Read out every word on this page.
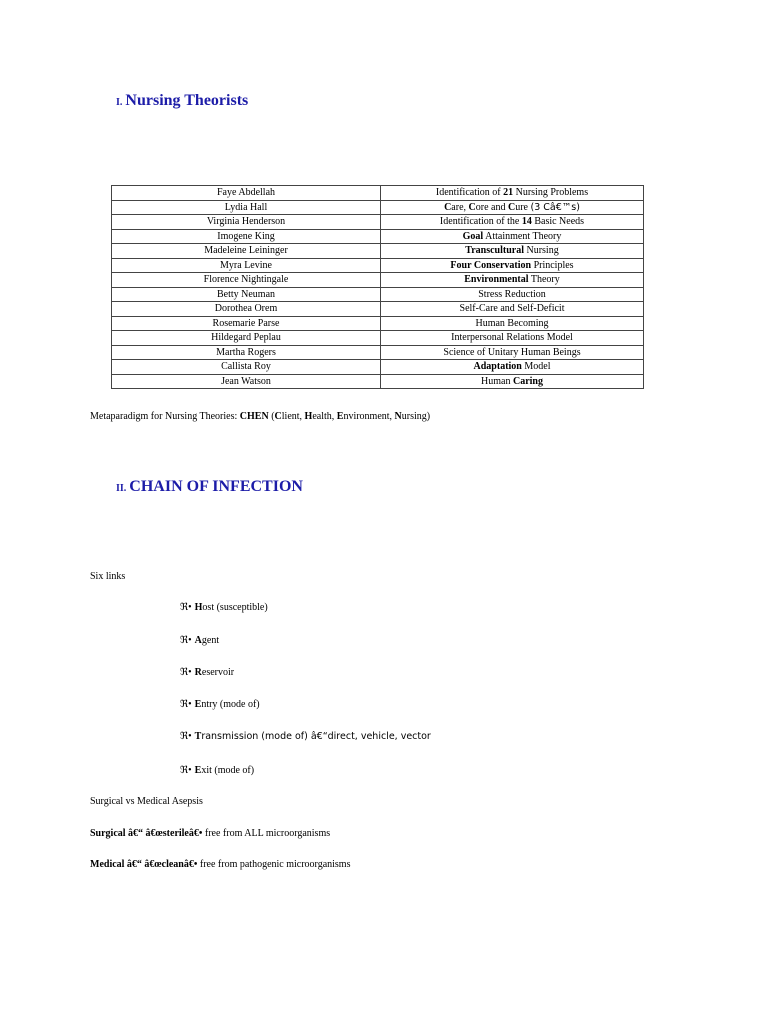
I. Nursing Theorists
Faye Abdellah	Identification of 21 Nursing Problems
Lydia Hall	Care, Core and Cure (3 Câ€™s)
Virginia Henderson	Identification of the 14 Basic Needs
Imogene King	Goal Attainment Theory
Madeleine Leininger	Transcultural Nursing
Myra Levine	Four Conservation Principles
Florence Nightingale	Environmental Theory
Betty Neuman	Stress Reduction
Dorothea Orem	Self-Care and Self-Deficit
Rosemarie Parse	Human Becoming
Hildegard Peplau	Interpersonal Relations Model
Martha Rogers	Science of Unitary Human Beings
Callista Roy	Adaptation Model
Jean Watson	Human Caring
Metaparadigm for Nursing Theories: CHEN (Client, Health, Environment, Nursing)
II. CHAIN OF INFECTION
Six links
ℜ• Host (susceptible)
ℜ• Agent
ℜ• Reservoir
ℜ• Entry (mode of)
ℜ• Transmission (mode of) â€“direct, vehicle, vector
ℜ• Exit (mode of)
Surgical vs Medical Asepsis
Surgical â€“ â€œsterileâ€• free from ALL microorganisms
Medical â€“ â€œcleanâ€• free from pathogenic microorganisms
